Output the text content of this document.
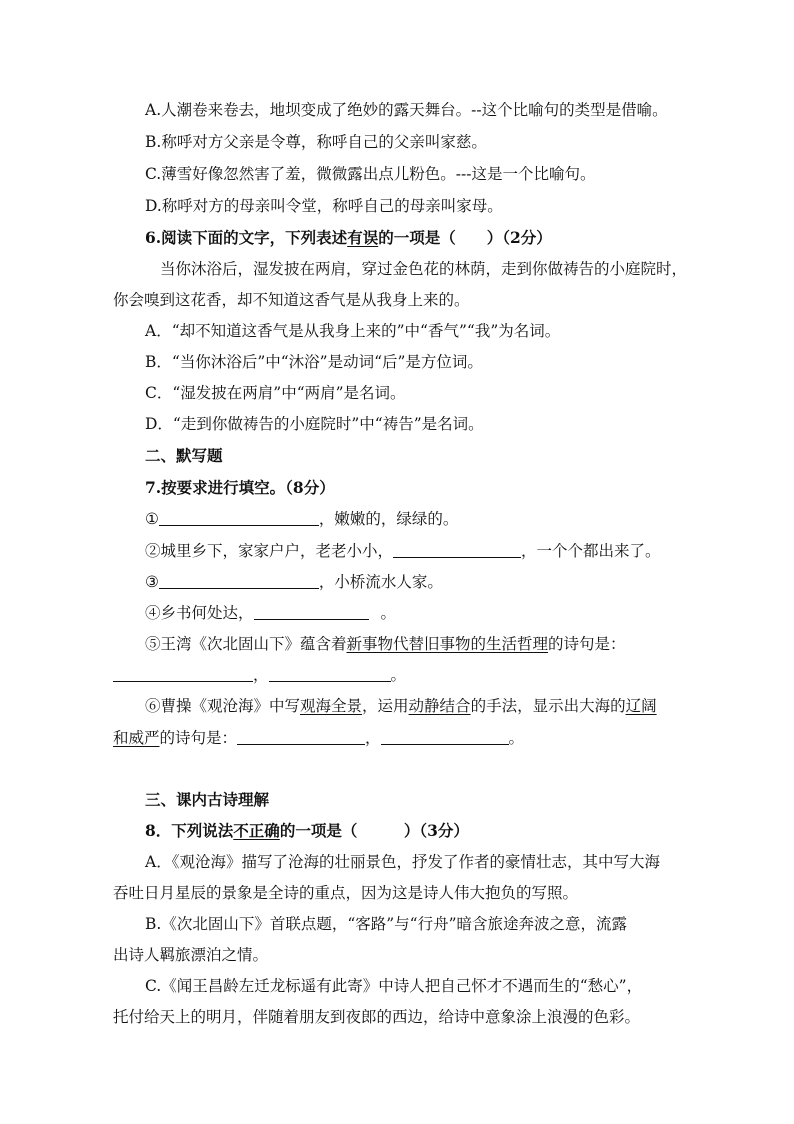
A.人潮卷来卷去，地坝变成了绝妙的露天舞台。--这个比喻句的类型是借喻。
B.称呼对方父亲是令尊，称呼自己的父亲叫家慈。
C.薄雪好像忽然害了羞，微微露出点儿粉色。---这是一个比喻句。
D.称呼对方的母亲叫令堂，称呼自己的母亲叫家母。
6.阅读下面的文字，下列表述有误的一项是（　　）（2分）
当你沐浴后，湿发披在两肩，穿过金色花的林荫，走到你做祷告的小庭院时，
你会嗅到这花香，却不知道这香气是从我身上来的。
A．“却不知道这香气是从我身上来的”中“香气”“我”为名词。
B．“当你沐浴后”中“沐浴”是动词“后”是方位词。
C．“湿发披在两肩”中“两肩”是名词。
D．“走到你做祷告的小庭院时”中“祷告”是名词。
二、默写题
7.按要求进行填空。（8分）
①	，嫩嫩的，绿绿的。
②城里乡下，家家户户，老老小小，	，一个个都出来了。
③	，小桥流水人家。
④乡书何处达，	。
⑤王湾《次北固山下》蕴含着新事物代替旧事物的生活哲理的诗句是：
，	。
⑥曹操《观沧海》中写观海全景，运用动静结合的手法，显示出大海的辽阔
和威严的诗句是：	，	。
三、课内古诗理解
8．下列说法不正确的一项是（　　　）（3分）
A．《观沧海》描写了沧海的壮丽景色，抒发了作者的豪情壮志，其中写大海
吞吐日月星辰的景象是全诗的重点，因为这是诗人伟大抱负的写照。
B.《次北固山下》首联点题，“客路”与“行舟”暗含旅途奔波之意，流露
出诗人羁旅漂泊之情。
C.《闻王昌龄左迁龙标遥有此寄》中诗人把自己怀才不遇而生的“愁心”，
托付给天上的明月，伴随着朋友到夜郎的西边，给诗中意象涂上浪漫的色彩。
